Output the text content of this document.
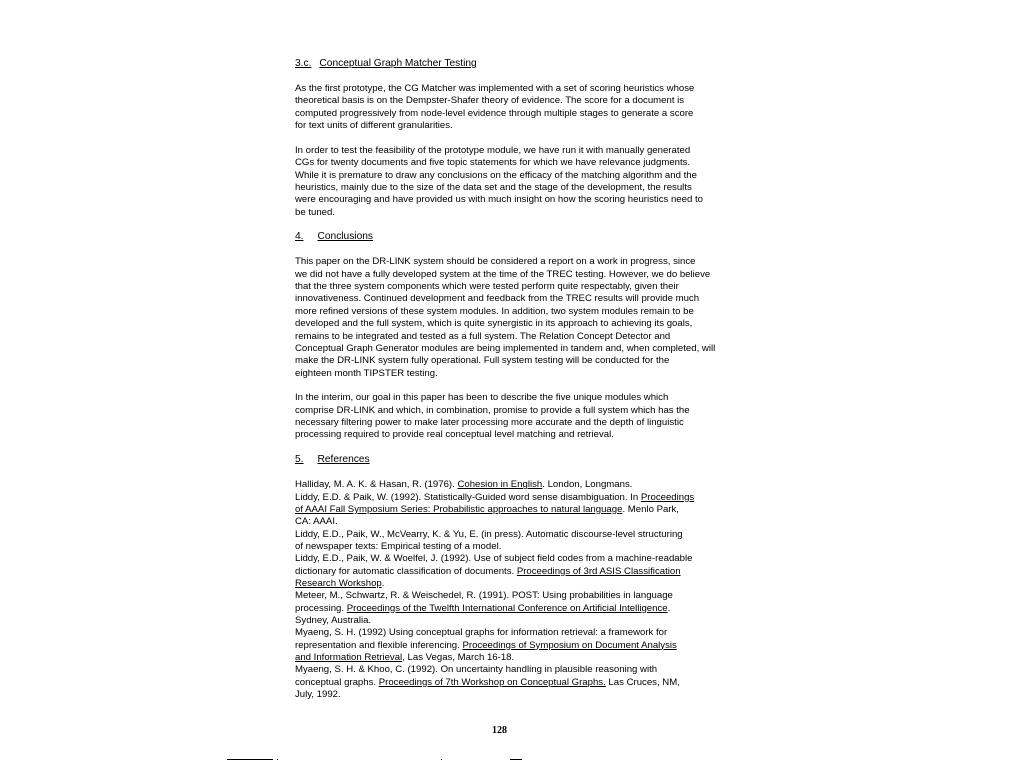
3.c. Conceptual Graph Matcher Testing
As the first prototype, the CG Matcher was implemented with a set of scoring heuristics whose
theoretical basis is on the Dempster-Shafer theory of evidence. The score for a document is
computed progressively from node-level evidence through multiple stages to generate a score
for text units of different granularities.
In order to test the feasibility of the prototype module, we have run it with manually generated
CGs for twenty documents and five topic statements for which we have relevance judgments.
While it is premature to draw any conclusions on the efficacy of the matching algorithm and the
heuristics, mainly due to the size of the data set and the stage of the development, the results
were encouraging and have provided us with much insight on how the scoring heuristics need to
be tuned.
4. Conclusions
This paper on the DR-LINK system should be considered a report on a work in progress, since
we did not have a fully developed system at the time of the TREC testing. However, we do believe
that the three system components which were tested perform quite respectably, given their
innovativeness. Continued development and feedback from the TREC results will provide much
more refined versions of these system modules. In addition, two system modules remain to be
developed and the full system, which is quite synergistic in its approach to achieving its goals,
remains to be integrated and tested as a full system. The Relation Concept Detector and
Conceptual Graph Generator modules are being implemented in tandem and, when completed, will
make the DR-LINK system fully operational. Full system testing will be conducted for the
eighteen month TIPSTER testing.
In the interim, our goal in this paper has been to describe the five unique modules which
comprise DR-LINK and which, in combination, promise to provide a full system which has the
necessary filtering power to make later processing more accurate and the depth of linguistic
processing required to provide real conceptual level matching and retrieval.
5. References
Halliday, M. A. K. & Hasan, R. (1976). Cohesion in English. London, Longmans.
Liddy, E.D. & Paik, W. (1992). Statistically-Guided word sense disambiguation. In Proceedings
of AAAI Fall Symposium Series: Probabilistic approaches to natural language. Menlo Park,
CA: AAAI.
Liddy, E.D., Paik, W., McVearry, K. & Yu, E. (in press). Automatic discourse-level structuring
of newspaper texts: Empirical testing of a model.
Liddy, E.D., Paik, W. & Woelfel, J. (1992). Use of subject field codes from a machine-readable
dictionary for automatic classification of documents. Proceedings of 3rd ASIS Classification
Research Workshop.
Meteer, M., Schwartz, R. & Weischedel, R. (1991). POST: Using probabilities in language
processing. Proceedings of the Twelfth International Conference on Artificial Intelligence.
Sydney, Australia.
Myaeng, S. H. (1992) Using conceptual graphs for information retrieval: a framework for
representation and flexible inferencing. Proceedings of Symposium on Document Analysis
and Information Retrieval, Las Vegas, March 16-18.
Myaeng, S. H. & Khoo, C. (1992). On uncertainty handling in plausible reasoning with
conceptual graphs. Proceedings of 7th Workshop on Conceptual Graphs. Las Cruces, NM,
July, 1992.
128
